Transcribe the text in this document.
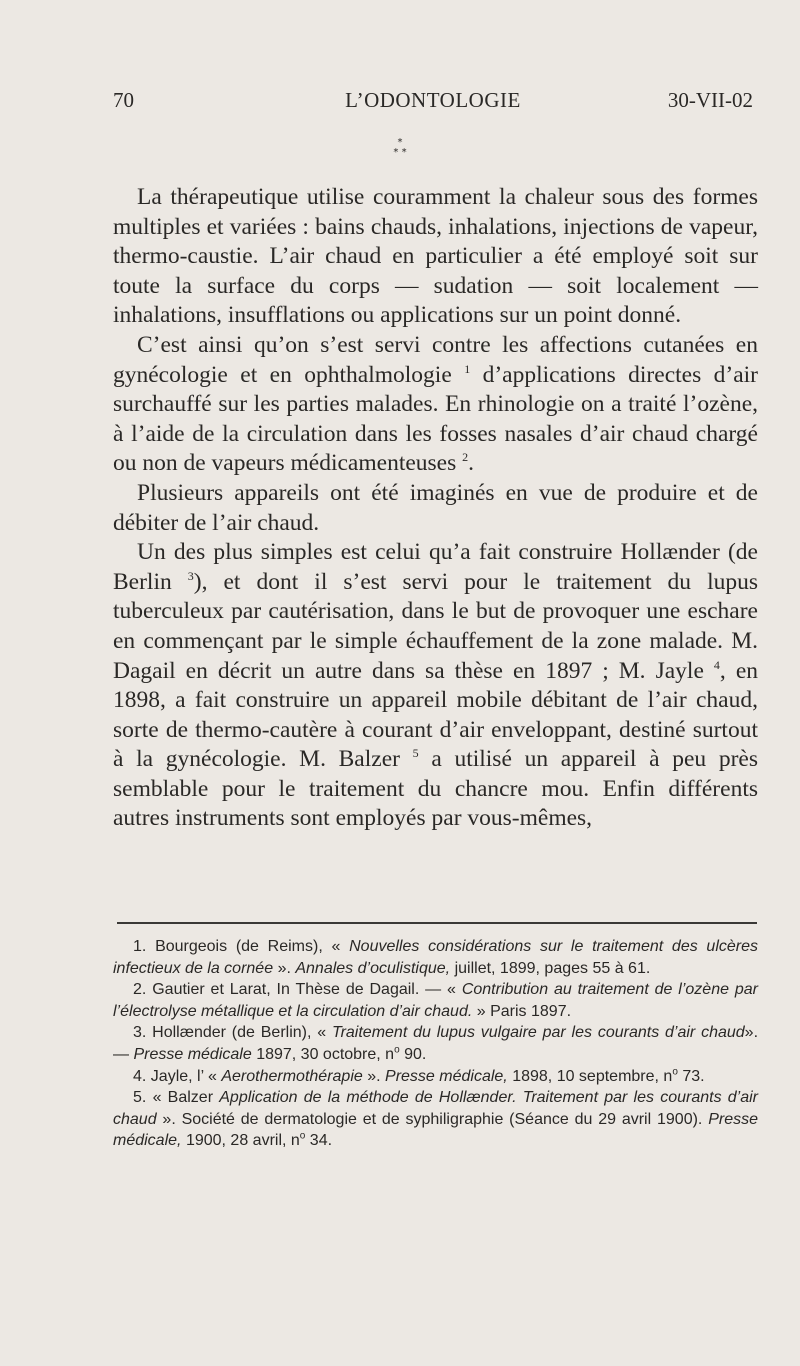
70	L’ODONTOLOGIE	30-VII-02
*
* *

La thérapeutique utilise couramment la chaleur sous des formes multiples et variées : bains chauds, inhalations, injections de vapeur, thermo-caustie. L’air chaud en particulier a été employé soit sur toute la surface du corps — sudation — soit localement — inhalations, insufflations ou applications sur un point donné.

C’est ainsi qu’on s’est servi contre les affections cutanées en gynécologie et en ophthalmologie $^1$ d’applications directes d’air surchauffé sur les parties malades. En rhinologie on a traité l’ozène, à l’aide de la circulation dans les fosses nasales d’air chaud chargé ou non de vapeurs médicamenteuses $^2$.

Plusieurs appareils ont été imaginés en vue de produire et de débiter de l’air chaud.

Un des plus simples est celui qu’a fait construire Hollænder (de Berlin $^3$), et dont il s’est servi pour le traitement du lupus tuberculeux par cautérisation, dans le but de provoquer une eschare en commençant par le simple échauffement de la zone malade. M. Dagail en décrit un autre dans sa thèse en 1897 ; M. Jayle $^4$, en 1898, a fait construire un appareil mobile débitant de l’air chaud, sorte de thermo-cautère à courant d’air enveloppant, destiné surtout à la gynécologie. M. Balzer $^5$ a utilisé un appareil à peu près semblable pour le traitement du chancre mou. Enfin différents autres instruments sont employés par vous-mêmes,

1. Bourgeois (de Reims), « Nouvelles considérations sur le traitement des ulcères infectieux de la cornée ». Annales d’oculistique, juillet, 1899, pages 55 à 61.

2. Gautier et Larat, In Thèse de Dagail. — « Contribution au traitement de l’ozène par l’électrolyse métallique et la circulation d’air chaud. » Paris 1897.

3. Hollænder (de Berlin), « Traitement du lupus vulgaire par les courants d’air chaud». — Presse médicale 1897, 30 octobre, $n^o$ 90.

4. Jayle, l’ « Aerothermothérapie ». Presse médicale, 1898, 10 septembre, $n^o$ 73.

5. « Balzer Application de la méthode de Hollænder. Traitement par les courants d’air chaud ». Société de dermatologie et de syphiligraphie (Séance du 29 avril 1900). Presse médicale, 1900, 28 avril, $n^o$ 34.
